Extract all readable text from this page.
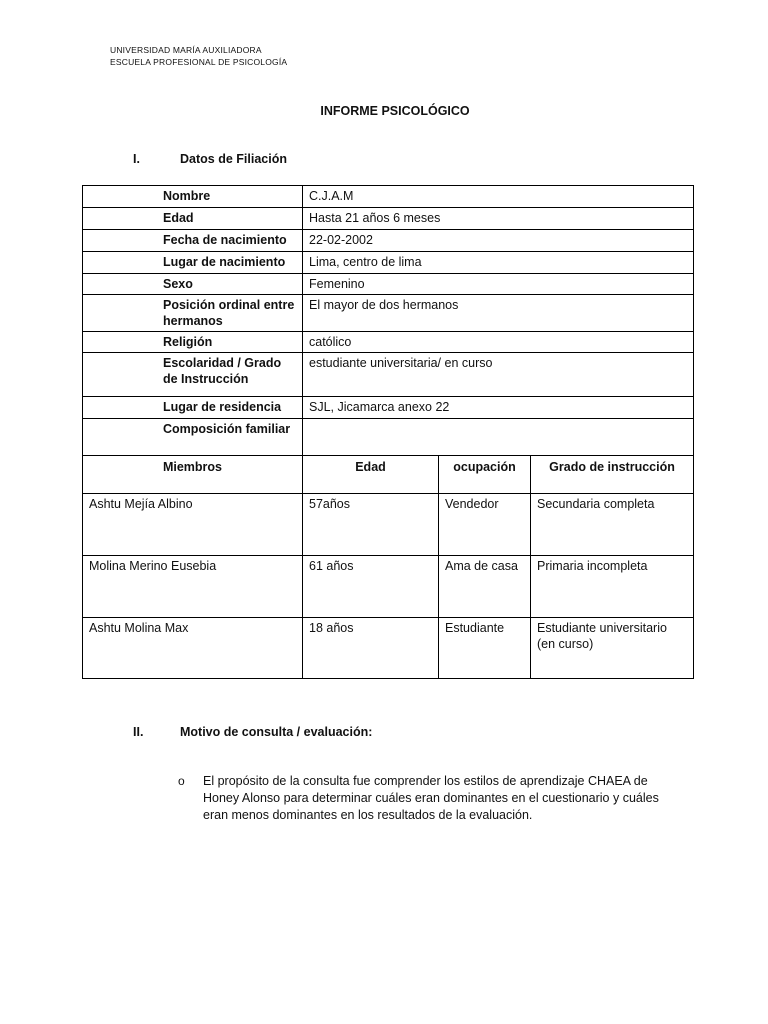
UNIVERSIDAD MARÍA AUXILIADORA
ESCUELA PROFESIONAL DE PSICOLOGÍA
INFORME PSICOLÓGICO
I.	Datos de Filiación
Nombre	C.J.A.M		
Edad	Hasta 21 años 6 meses		
Fecha de nacimiento	22-02-2002		
Lugar de nacimiento	Lima, centro de lima		
Sexo	Femenino		
Posición ordinal entre hermanos	El mayor de dos hermanos		
Religión	católico		
Escolaridad / Grado de Instrucción	estudiante universitaria/ en curso		
Lugar de residencia	SJL, Jicamarca anexo 22		
Composición familiar			
Miembros	Edad	ocupación	Grado de instrucción
Ashtu Mejía Albino	57años	Vendedor	Secundaria completa
Molina Merino Eusebia	61 años	Ama de casa	Primaria incompleta
Ashtu Molina Max	18 años	Estudiante	Estudiante universitario (en curso)
II.	Motivo de consulta / evaluación:
o El propósito de la consulta fue comprender los estilos de aprendizaje CHAEA de Honey Alonso para determinar cuáles eran dominantes en el cuestionario y cuáles eran menos dominantes en los resultados de la evaluación.
